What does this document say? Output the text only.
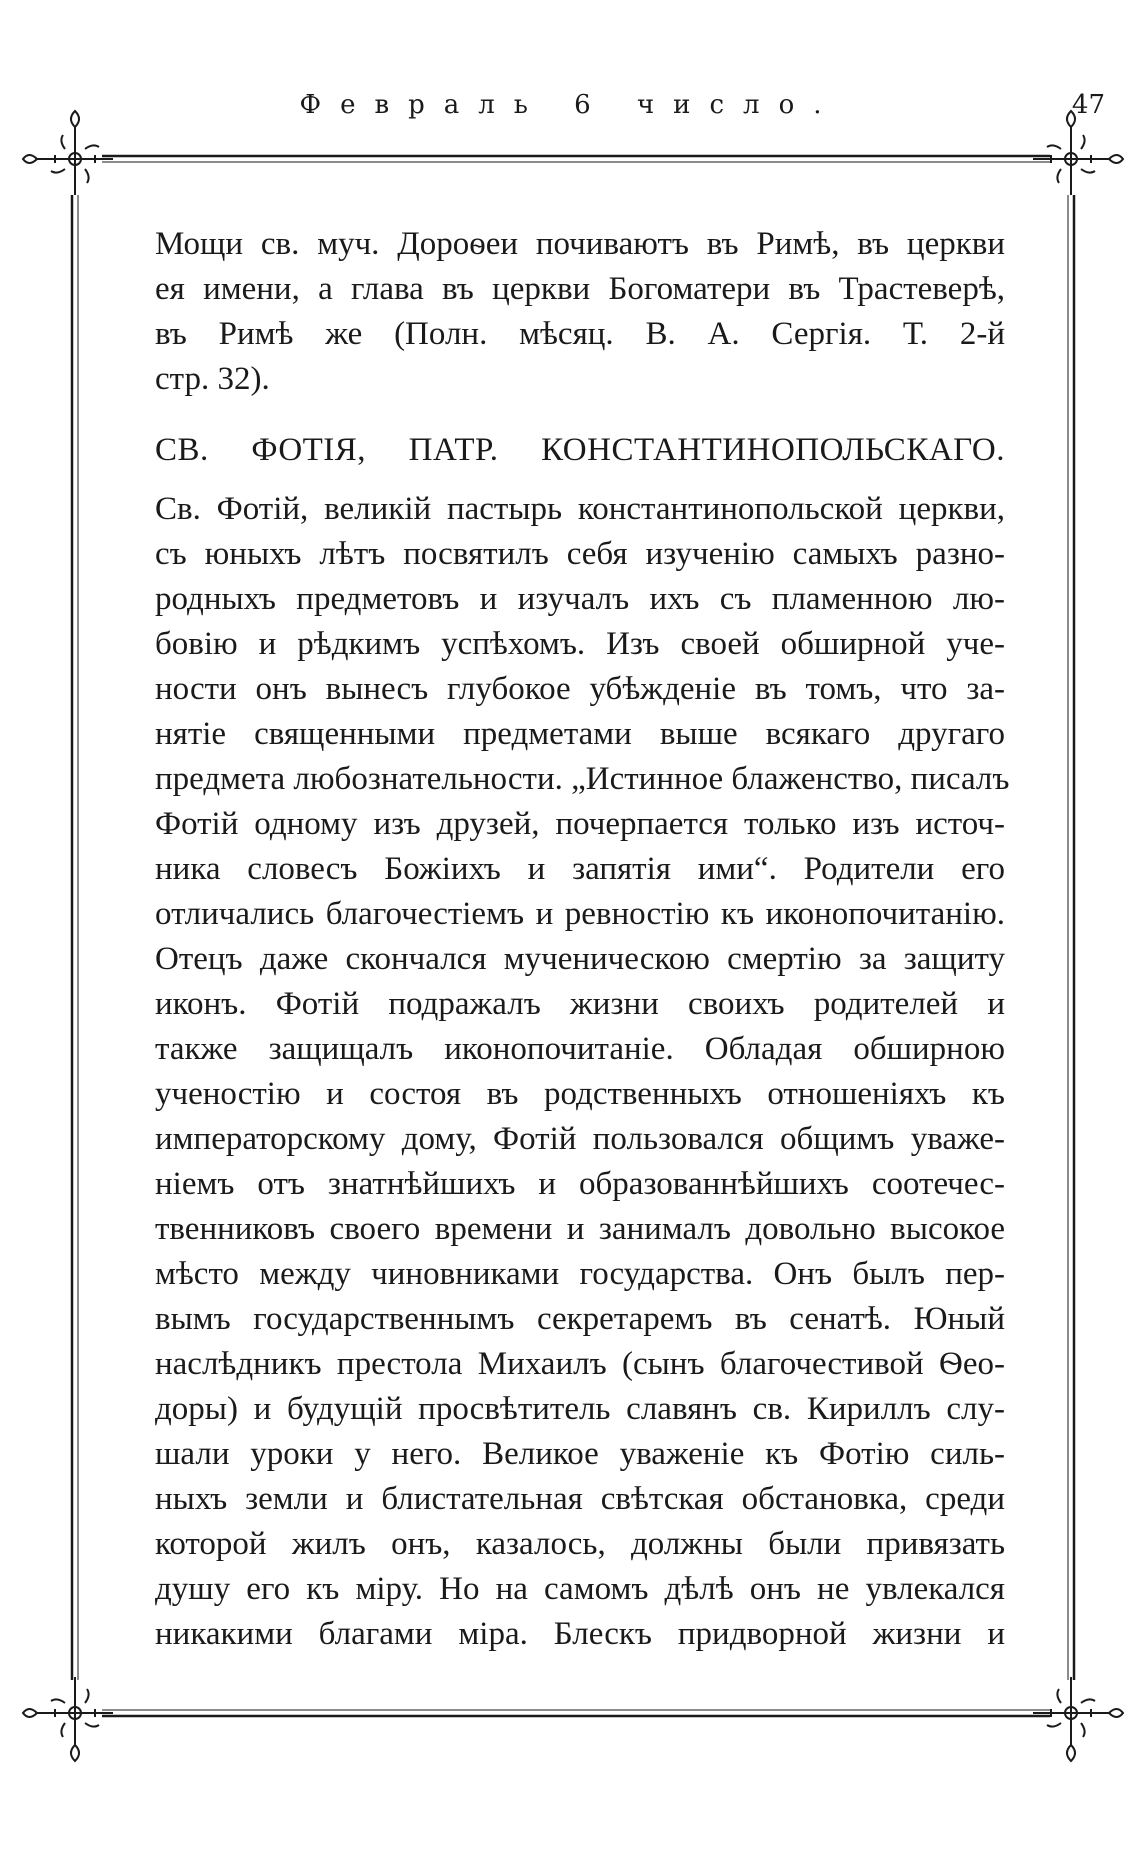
Февраль 6 число.	47
Мощи св. муч. Дороѳеи почиваютъ въ Римѣ, въ церкви
ея имени, а глава въ церкви Богоматери въ Трастеверѣ,
въ Римѣ же (Полн. мѣсяц. В. А. Сергія. Т. 2-й
стр. 32).
СВ. ФОТІЯ, ПАТР. КОНСТАНТИНОПОЛЬСКАГО.
Св. Фотій, великій пастырь константинопольской церкви,
съ юныхъ лѣтъ посвятилъ себя изученію самыхъ разно-
родныхъ предметовъ и изучалъ ихъ съ пламенною лю-
бовію и рѣдкимъ успѣхомъ. Изъ своей обширной уче-
ности онъ вынесъ глубокое убѣжденіе въ томъ, что за-
нятіе священными предметами выше всякаго другаго
предмета любознательности. „Истинное блаженство, писалъ
Фотій одному изъ друзей, почерпается только изъ источ-
ника словесъ Божіихъ и запятія ими“. Родители его
отличались благочестіемъ и ревностію къ иконопочитанію.
Отецъ даже скончался мученическою смертію за защиту
иконъ. Фотій подражалъ жизни своихъ родителей и
также защищалъ иконопочитаніе. Обладая обширною
ученостію и состоя въ родственныхъ отношеніяхъ къ
императорскому дому, Фотій пользовался общимъ уваже-
ніемъ отъ знатнѣйшихъ и образованнѣйшихъ соотечес-
твенниковъ своего времени и занималъ довольно высокое
мѣсто между чиновниками государства. Онъ былъ пер-
вымъ государственнымъ секретаремъ въ сенатѣ. Юный
наслѣдникъ престола Михаилъ (сынъ благочестивой Ѳео-
доры) и будущій просвѣтитель славянъ св. Кириллъ слу-
шали уроки у него. Великое уваженіе къ Фотію силь-
ныхъ земли и блистательная свѣтская обстановка, среди
которой жилъ онъ, казалось, должны были привязать
душу его къ міру. Но на самомъ дѣлѣ онъ не увлекался
никакими благами міра. Блескъ придворной жизни и
